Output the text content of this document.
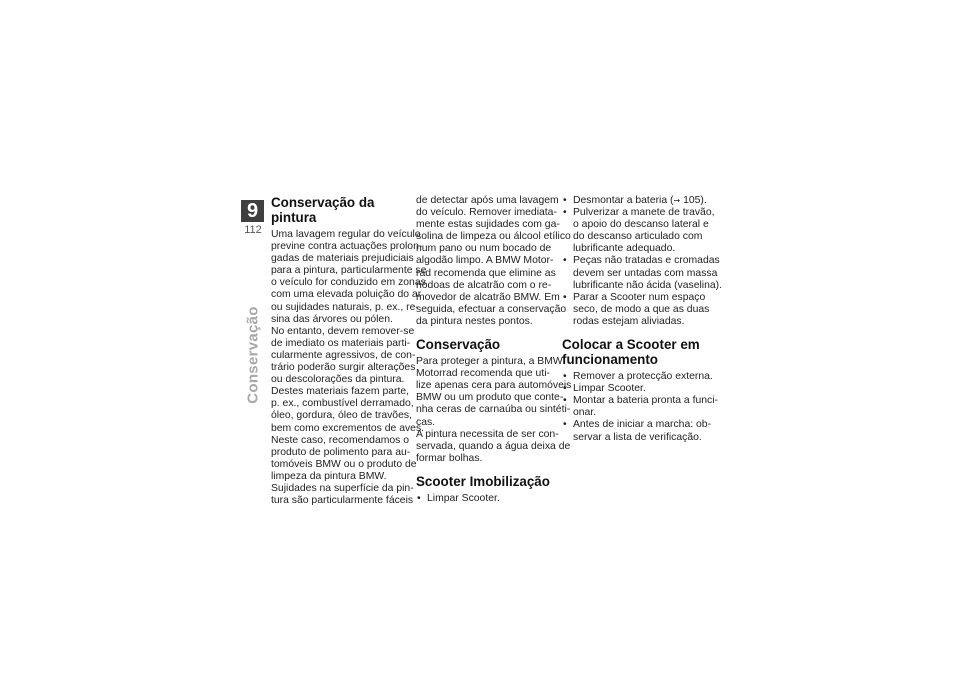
9
112
Conservação
Conservação da pintura

Uma lavagem regular do veículo
previne contra actuações prolon-
gadas de materiais prejudiciais
para a pintura, particularmente se
o veículo for conduzido em zonas
com uma elevada poluição do ar
ou sujidades naturais, p. ex., re-
sina das árvores ou pólen.
No entanto, devem remover-se
de imediato os materiais parti-
cularmente agressivos, de con-
trário poderão surgir alterações
ou descolorações da pintura.
Destes materiais fazem parte,
p. ex., combustível derramado,
óleo, gordura, óleo de travões,
bem como excrementos de aves.
Neste caso, recomendamos o
produto de polimento para au-
tomóveis BMW ou o produto de
limpeza da pintura BMW.
Sujidades na superfície da pin-
tura são particularmente fáceis

de detectar após uma lavagem
do veículo. Remover imediata-
mente estas sujidades com ga-
solina de limpeza ou álcool etílico
num pano ou num bocado de
algodão limpo. A BMW Motor-
rad recomenda que elimine as
nódoas de alcatrão com o re-
movedor de alcatrão BMW. Em
seguida, efectuar a conservação
da pintura nestes pontos.

Conservação

Para proteger a pintura, a BMW
Motorrad recomenda que uti-
lize apenas cera para automóveis
BMW ou um produto que conte-
nha ceras de carnaúba ou sintéti-
cas.
A pintura necessita de ser con-
servada, quando a água deixa de
formar bolhas.

Scooter Imobilização
• Limpar Scooter.
• Desmontar a bateria (➞ 105).
• Pulverizar a manete de travão,
o apoio do descanso lateral e
do descanso articulado com
lubrificante adequado.
• Peças não tratadas e cromadas
devem ser untadas com massa
lubrificante não ácida (vaselina).
• Parar a Scooter num espaço
seco, de modo a que as duas
rodas estejam aliviadas.
Colocar a Scooter em funcionamento
• Remover a protecção externa.
• Limpar Scooter.
• Montar a bateria pronta a funci-
onar.
• Antes de iniciar a marcha: ob-
servar a lista de verificação.
